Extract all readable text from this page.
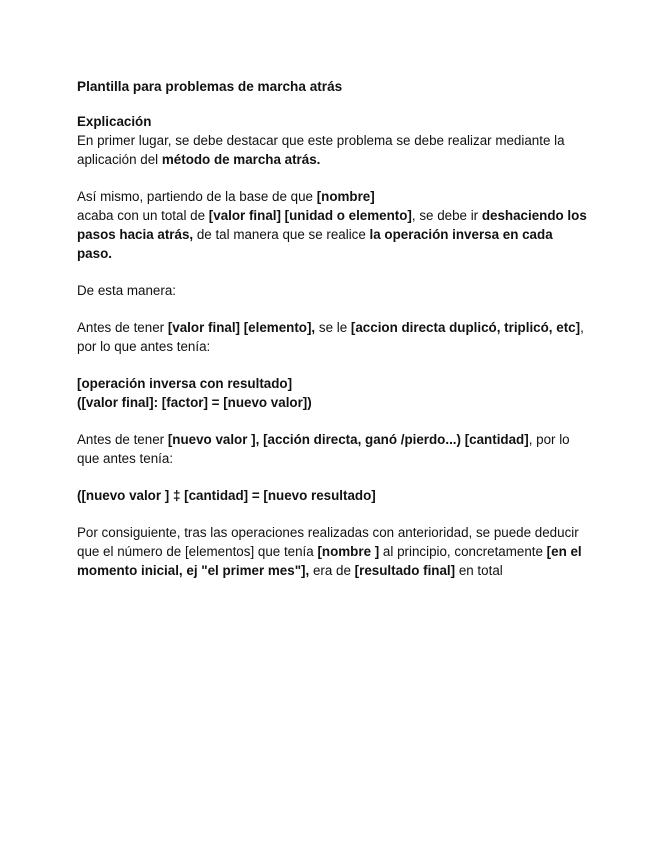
Plantilla para problemas de marcha atrás

Explicación
En primer lugar, se debe destacar que este problema se debe realizar mediante la aplicación del método de marcha atrás.

Así mismo, partiendo de la base de que [nombre]
acaba con un total de [valor final] [unidad o elemento], se debe ir deshaciendo los pasos hacia atrás, de tal manera que se realice la operación inversa en cada paso.

De esta manera:

Antes de tener [valor final] [elemento], se le [accion directa duplicó, triplicó, etc], por lo que antes tenía:

[operación inversa con resultado]
([valor final]: [factor] = [nuevo valor])

Antes de tener [nuevo valor ], [acción directa, ganó /pierdo...) [cantidad], por lo que antes tenía:

([nuevo valor ] ‡ [cantidad] = [nuevo resultado]

Por consiguiente, tras las operaciones realizadas con anterioridad, se puede deducir que el número de [elementos] que tenía [nombre ] al principio, concretamente [en el momento inicial, ej "el primer mes"], era de [resultado final] en total
